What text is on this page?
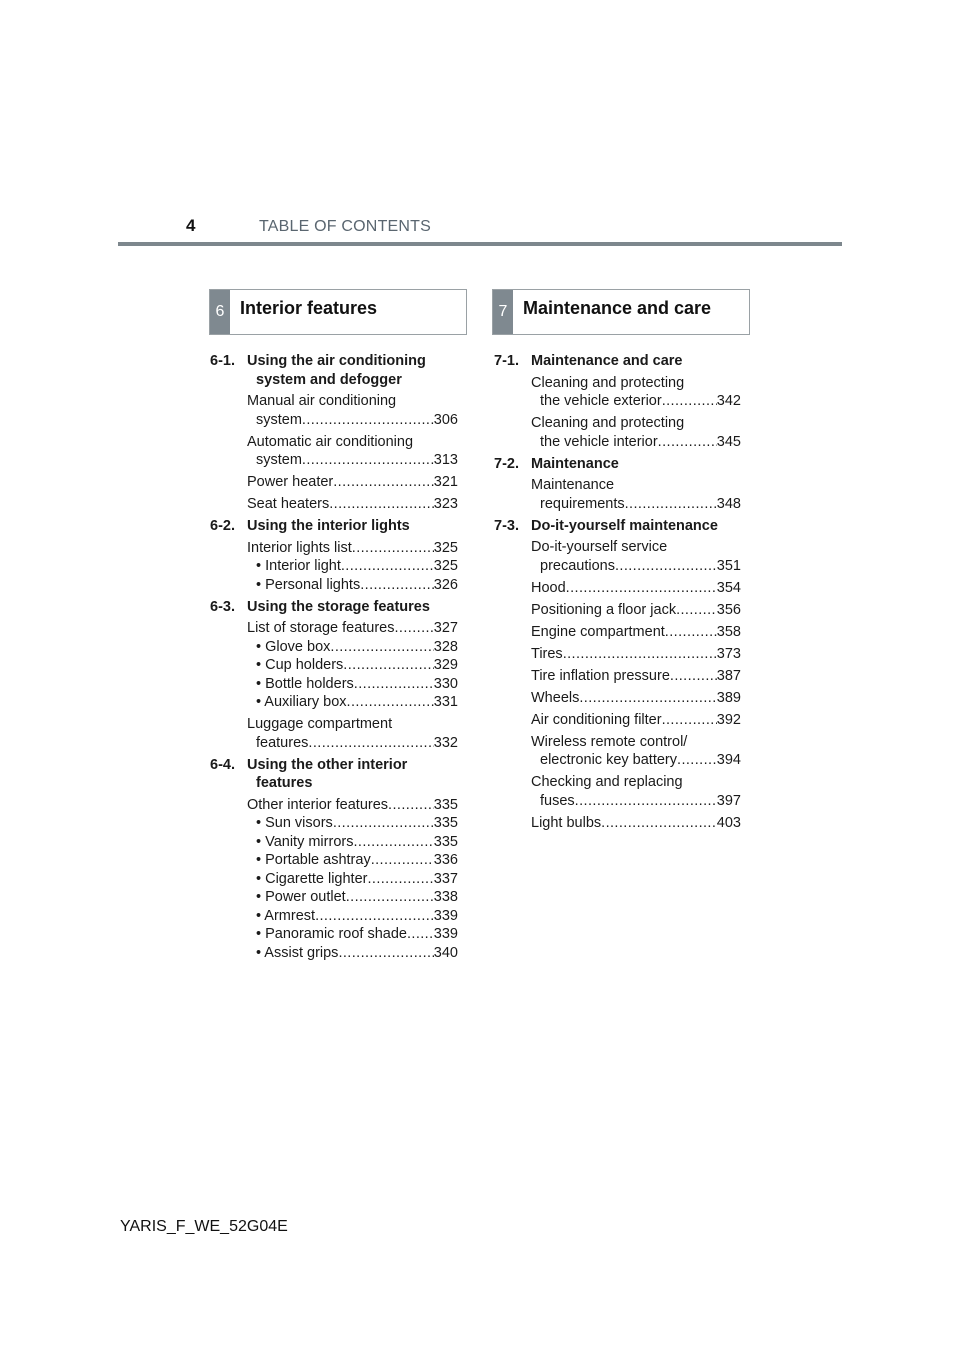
4	TABLE OF CONTENTS
6 Interior features	7 Maintenance and care
6-1. Using the air conditioning
system and defogger
Manual air conditioning
system .....	306
Automatic air conditioning
system .....	313
Power heater .....	321
Seat heaters .....	323
6-2. Using the interior lights
Interior lights list .....	325
• Interior light .....	325
• Personal lights .....	326
6-3. Using the storage features
List of storage features .....	327
• Glove box .....	328
• Cup holders .....	329
• Bottle holders .....	330
• Auxiliary box .....	331
Luggage compartment
features .....	332
6-4. Using the other interior
features
Other interior features .....	335
• Sun visors .....	335
• Vanity mirrors .....	335
• Portable ashtray .....	336
• Cigarette lighter .....	337
• Power outlet .....	338
• Armrest .....	339
• Panoramic roof shade ..... 339
• Assist grips .....	340
7-1. Maintenance and care
Cleaning and protecting
the vehicle exterior .....	342
Cleaning and protecting
the vehicle interior .....	345
7-2. Maintenance
Maintenance
requirements .....	348
7-3. Do-it-yourself maintenance
Do-it-yourself service
precautions .....	351
Hood .....	354
Positioning a floor jack .....	356
Engine compartment .....	358
Tires .....	373
Tire inflation pressure .....	387
Wheels .....	389
Air conditioning filter .....	392
Wireless remote control/
electronic key battery .....	394
Checking and replacing
fuses .....	397
Light bulbs .....	403
YARIS_F_WE_52G04E
